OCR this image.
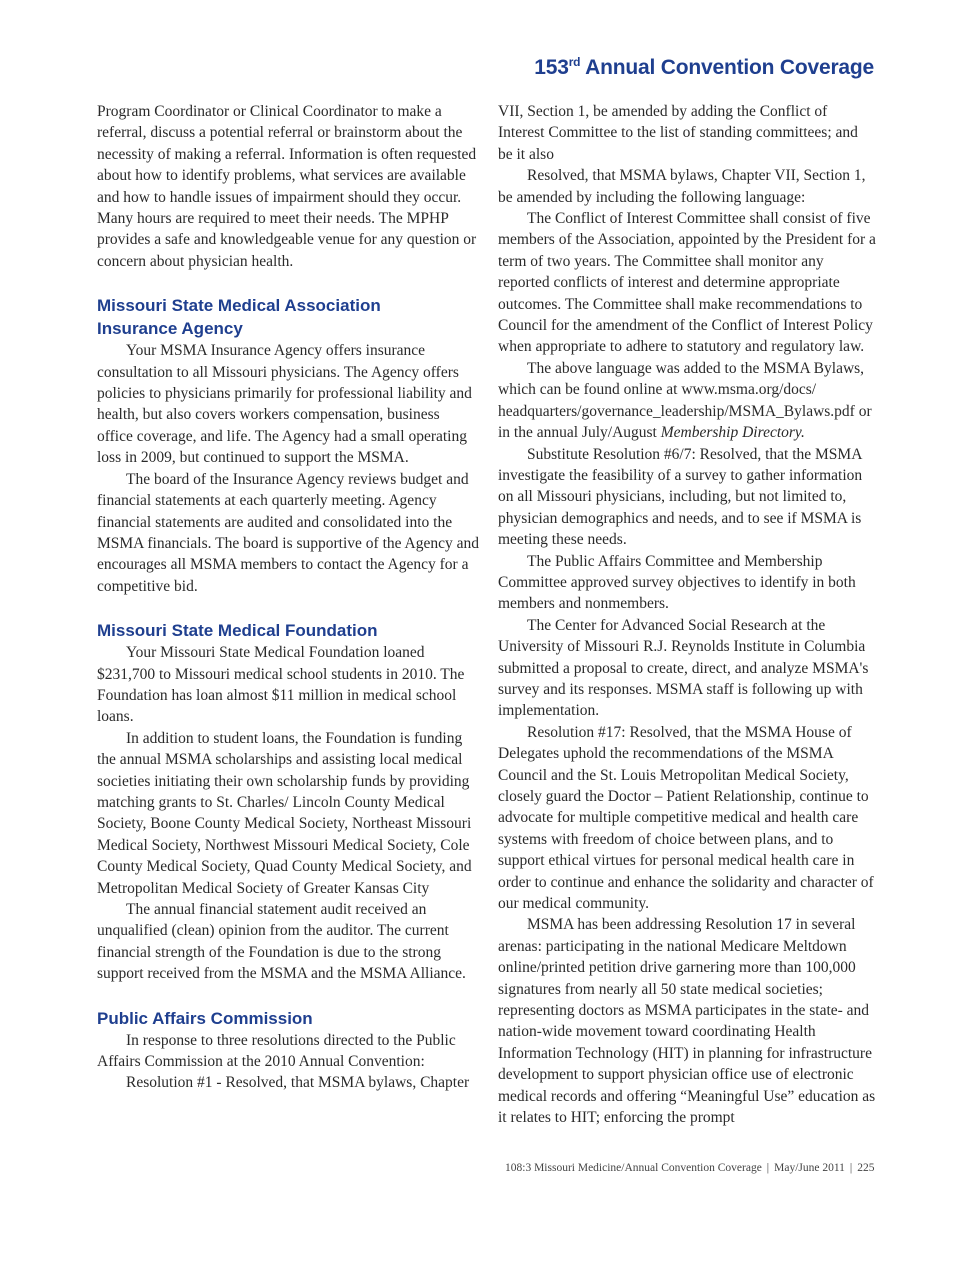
153rd Annual Convention Coverage

Program Coordinator or Clinical Coordinator to make a referral, discuss a potential referral or brainstorm about the necessity of making a referral. Information is often requested about how to identify problems, what services are available and how to handle issues of impairment should they occur. Many hours are required to meet their needs. The MPHP provides a safe and knowledgeable venue for any question or concern about physician health.

Missouri State Medical Association
Insurance Agency

Your MSMA Insurance Agency offers insurance consultation to all Missouri physicians. The Agency offers policies to physicians primarily for professional liability and health, but also covers workers compensation, business office coverage, and life. The Agency had a small operating loss in 2009, but continued to support the MSMA.

The board of the Insurance Agency reviews budget and financial statements at each quarterly meeting. Agency financial statements are audited and consolidated into the MSMA financials. The board is supportive of the Agency and encourages all MSMA members to contact the Agency for a competitive bid.

Missouri State Medical Foundation

Your Missouri State Medical Foundation loaned $231,700 to Missouri medical school students in 2010. The Foundation has loan almost $11 million in medical school loans.

In addition to student loans, the Foundation is funding the annual MSMA scholarships and assisting local medical societies initiating their own scholarship funds by providing matching grants to St. Charles/ Lincoln County Medical Society, Boone County Medical Society, Northeast Missouri Medical Society, Northwest Missouri Medical Society, Cole County Medical Society, Quad County Medical Society, and Metropolitan Medical Society of Greater Kansas City

The annual financial statement audit received an unqualified (clean) opinion from the auditor. The current financial strength of the Foundation is due to the strong support received from the MSMA and the MSMA Alliance.

Public Affairs Commission

In response to three resolutions directed to the Public Affairs Commission at the 2010 Annual Convention:

Resolution #1 - Resolved, that MSMA bylaws, Chapter

VII, Section 1, be amended by adding the Conflict of Interest Committee to the list of standing committees; and be it also

Resolved, that MSMA bylaws, Chapter VII, Section 1, be amended by including the following language:

The Conflict of Interest Committee shall consist of five members of the Association, appointed by the President for a term of two years. The Committee shall monitor any reported conflicts of interest and determine appropriate outcomes. The Committee shall make recommendations to Council for the amendment of the Conflict of Interest Policy when appropriate to adhere to statutory and regulatory law.

The above language was added to the MSMA Bylaws, which can be found online at www.msma.org/docs/ headquarters/governance_leadership/MSMA_Bylaws.pdf or in the annual July/August Membership Directory.

Substitute Resolution #6/7: Resolved, that the MSMA investigate the feasibility of a survey to gather information on all Missouri physicians, including, but not limited to, physician demographics and needs, and to see if MSMA is meeting these needs.

The Public Affairs Committee and Membership Committee approved survey objectives to identify in both members and nonmembers.

The Center for Advanced Social Research at the University of Missouri R.J. Reynolds Institute in Columbia submitted a proposal to create, direct, and analyze MSMA's survey and its responses. MSMA staff is following up with implementation.

Resolution #17: Resolved, that the MSMA House of Delegates uphold the recommendations of the MSMA Council and the St. Louis Metropolitan Medical Society, closely guard the Doctor – Patient Relationship, continue to advocate for multiple competitive medical and health care systems with freedom of choice between plans, and to support ethical virtues for personal medical health care in order to continue and enhance the solidarity and character of our medical community.

MSMA has been addressing Resolution 17 in several arenas: participating in the national Medicare Meltdown online/printed petition drive garnering more than 100,000 signatures from nearly all 50 state medical societies; representing doctors as MSMA participates in the state- and nation-wide movement toward coordinating Health Information Technology (HIT) in planning for infrastructure development to support physician office use of electronic medical records and offering “Meaningful Use” education as it relates to HIT; enforcing the prompt

108:3 Missouri Medicine/Annual Convention Coverage | May/June 2011 | 225
